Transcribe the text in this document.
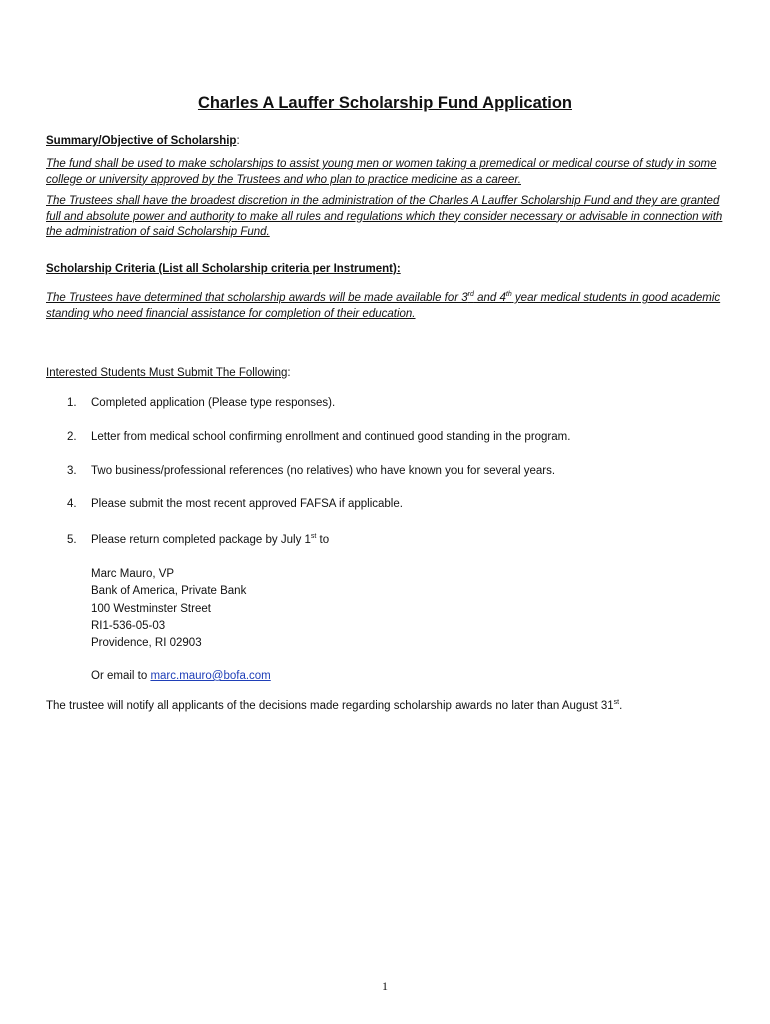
Charles A Lauffer Scholarship Fund Application
Summary/Objective of Scholarship:
The fund shall be used to make scholarships to assist young men or women taking a premedical or medical course of study in some college or university approved by the Trustees and who plan to practice medicine as a career.
The Trustees shall have the broadest discretion in the administration of the Charles A Lauffer Scholarship Fund and they are granted full and absolute power and authority to make all rules and regulations which they consider necessary or advisable in connection with the administration of said Scholarship Fund.
Scholarship Criteria (List all Scholarship criteria per Instrument):
The Trustees have determined that scholarship awards will be made available for 3rd and 4th year medical students in good academic standing who need financial assistance for completion of their education.
Interested Students Must Submit The Following:
1. Completed application (Please type responses).
2. Letter from medical school confirming enrollment and continued good standing in the program.
3. Two business/professional references (no relatives) who have known you for several years.
4. Please submit the most recent approved FAFSA if applicable.
5. Please return completed package by July 1st to
Marc Mauro, VP
Bank of America, Private Bank
100 Westminster Street
RI1-536-05-03
Providence, RI 02903
Or email to marc.mauro@bofa.com
The trustee will notify all applicants of the decisions made regarding scholarship awards no later than August 31st.
1
